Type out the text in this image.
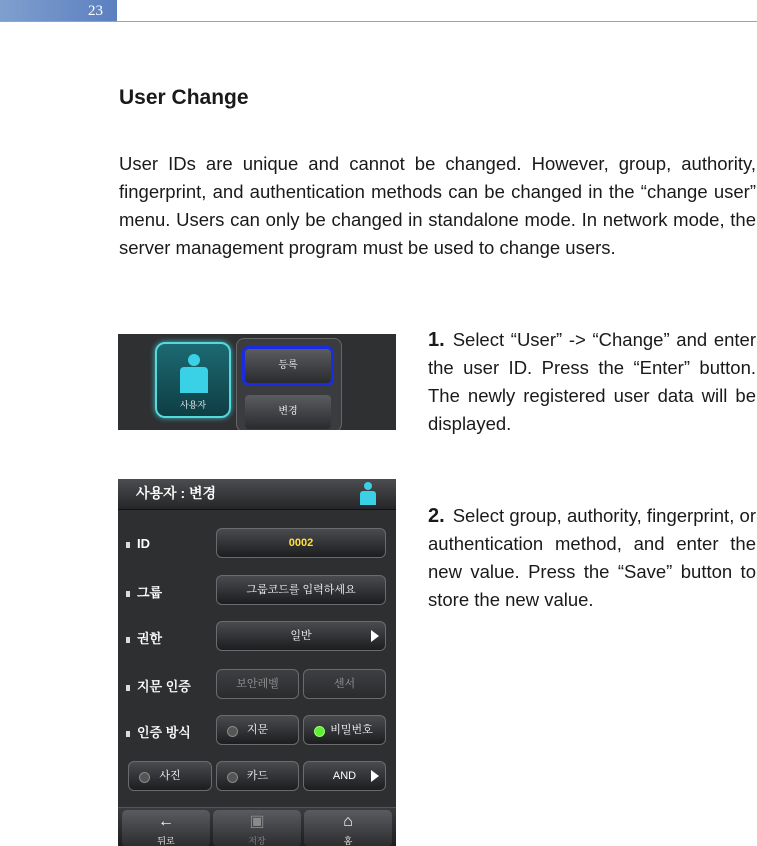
23
User Change

User IDs are unique and cannot be changed. However, group, authority, fingerprint, and authentication methods can be changed in the “change user” menu. Users can only be changed in standalone mode. In network mode, the server management program must be used to change users.

사용자
등록
변경

1. Select “User” -> “Change” and enter the user ID. Press the “Enter” button. The newly registered user data will be displayed.

사용자 : 변경
ID	0002
그룹	그룹코드를 입력하세요
권한	일반
지문 인증	보안레벨	센서
인증 방식	지문	비밀번호
사진	카드	AND
←
뒤로
▣
저장
⌂
홈

2. Select group, authority, fingerprint, or authentication method, and enter the new value. Press the “Save” button to store the new value.
